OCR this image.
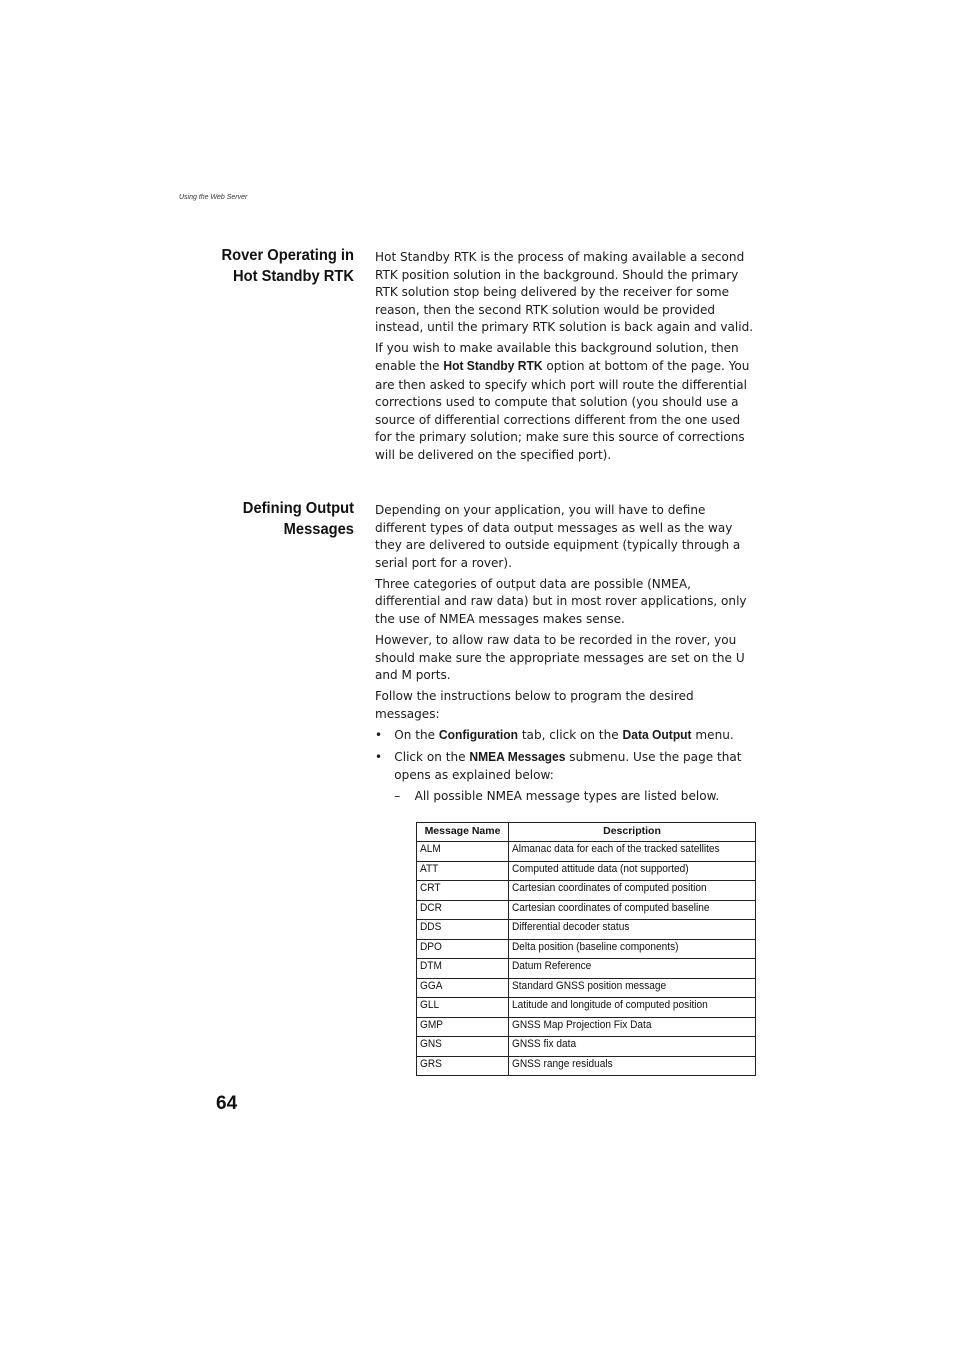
Using the Web Server
Rover Operating in
Hot Standby RTK

Hot Standby RTK is the process of making available a second RTK position solution in the background. Should the primary RTK solution stop being delivered by the receiver for some reason, then the second RTK solution would be provided instead, until the primary RTK solution is back again and valid.

If you wish to make available this background solution, then enable the Hot Standby RTK option at bottom of the page. You are then asked to specify which port will route the differential corrections used to compute that solution (you should use a source of differential corrections different from the one used for the primary solution; make sure this source of corrections will be delivered on the specified port).

Defining Output
Messages

Depending on your application, you will have to define different types of data output messages as well as the way they are delivered to outside equipment (typically through a serial port for a rover).

Three categories of output data are possible (NMEA, differential and raw data) but in most rover applications, only the use of NMEA messages makes sense.

However, to allow raw data to be recorded in the rover, you should make sure the appropriate messages are set on the U and M ports.

Follow the instructions below to program the desired messages:

• On the Configuration tab, click on the Data Output menu.
• Click on the NMEA Messages submenu. Use the page that opens as explained below:
– All possible NMEA message types are listed below.
Message Name	Description
ALM	Almanac data for each of the tracked satellites
ATT	Computed attitude data (not supported)
CRT	Cartesian coordinates of computed position
DCR	Cartesian coordinates of computed baseline
DDS	Differential decoder status
DPO	Delta position (baseline components)
DTM	Datum Reference
GGA	Standard GNSS position message
GLL	Latitude and longitude of computed position
GMP	GNSS Map Projection Fix Data
GNS	GNSS fix data
GRS	GNSS range residuals
64
